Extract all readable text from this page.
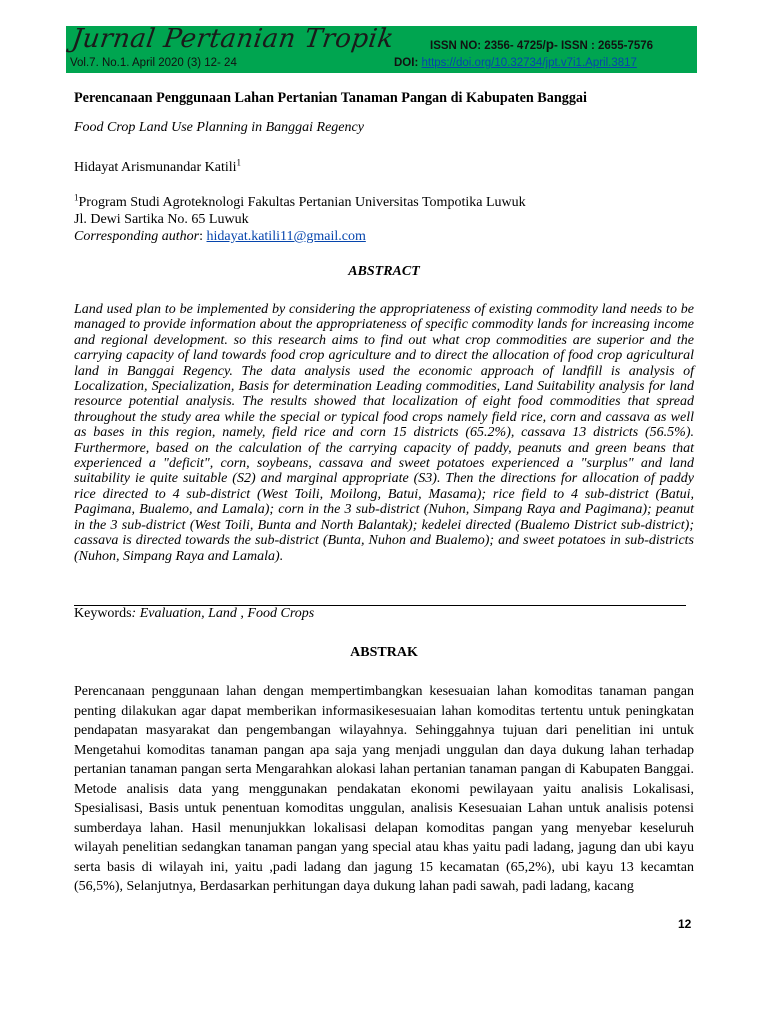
Jurnal Pertanian Tropik	ISSN NO: 2356- 4725/p- ISSN : 2655-7576
Vol.7. No.1. April 2020 (3) 12- 24	DOI: https://doi.org/10.32734/jpt.v7i1.April.3817
Perencanaan Penggunaan Lahan Pertanian Tanaman Pangan di Kabupaten Banggai
Food Crop Land Use Planning in Banggai Regency
Hidayat Arismunandar Katili$^1$
$^1$Program Studi Agroteknologi Fakultas Pertanian Universitas Tompotika Luwuk
Jl. Dewi Sartika No. 65 Luwuk
Corresponding author: hidayat.katili11@gmail.com
ABSTRACT
Land used plan to be implemented by considering the appropriateness of existing commodity land needs to be managed to provide information about the appropriateness of specific commodity lands for increasing income and regional development. so this research aims to find out what crop commodities are superior and the carrying capacity of land towards food crop agriculture and to direct the allocation of food crop agricultural land in Banggai Regency. The data analysis used the economic approach of landfill is analysis of Localization, Specialization, Basis for determination Leading commodities, Land Suitability analysis for land resource potential analysis. The results showed that localization of eight food commodities that spread throughout the study area while the special or typical food crops namely field rice, corn and cassava as well as bases in this region, namely, field rice and corn 15 districts (65.2%), cassava 13 districts (56.5%). Furthermore, based on the calculation of the carrying capacity of paddy, peanuts and green beans that experienced a "deficit", corn, soybeans, cassava and sweet potatoes experienced a "surplus" and land suitability ie quite suitable (S2) and marginal appropriate (S3). Then the directions for allocation of paddy rice directed to 4 sub-district (West Toili, Moilong, Batui, Masama); rice field to 4 sub-district (Batui, Pagimana, Bualemo, and Lamala); corn in the 3 sub-district (Nuhon, Simpang Raya and Pagimana); peanut in the 3 sub-district (West Toili, Bunta and North Balantak); kedelei directed (Bualemo District sub-district); cassava is directed towards the sub-district (Bunta, Nuhon and Bualemo); and sweet potatoes in sub-districts (Nuhon, Simpang Raya and Lamala).
Keywords: Evaluation, Land , Food Crops
ABSTRAK
Perencanaan penggunaan lahan dengan mempertimbangkan kesesuaian lahan komoditas tanaman pangan penting dilakukan agar dapat memberikan informasikesesuaian lahan komoditas tertentu untuk peningkatan pendapatan masyarakat dan pengembangan wilayahnya. Sehinggahnya tujuan dari penelitian ini untuk Mengetahui komoditas tanaman pangan apa saja yang menjadi unggulan dan daya dukung lahan terhadap pertanian tanaman pangan serta Mengarahkan alokasi lahan pertanian tanaman pangan di Kabupaten Banggai. Metode analisis data yang menggunakan pendakatan ekonomi pewilayaan yaitu analisis Lokalisasi, Spesialisasi, Basis untuk penentuan komoditas unggulan, analisis Kesesuaian Lahan untuk analisis potensi sumberdaya lahan. Hasil menunjukkan lokalisasi delapan komoditas pangan yang menyebar keseluruh wilayah penelitian sedangkan tanaman pangan yang special atau khas yaitu padi ladang, jagung dan ubi kayu serta basis di wilayah ini, yaitu ,padi ladang dan jagung 15 kecamatan (65,2%), ubi kayu 13 kecamtan (56,5%), Selanjutnya, Berdasarkan perhitungan daya dukung lahan padi sawah, padi ladang, kacang
12
